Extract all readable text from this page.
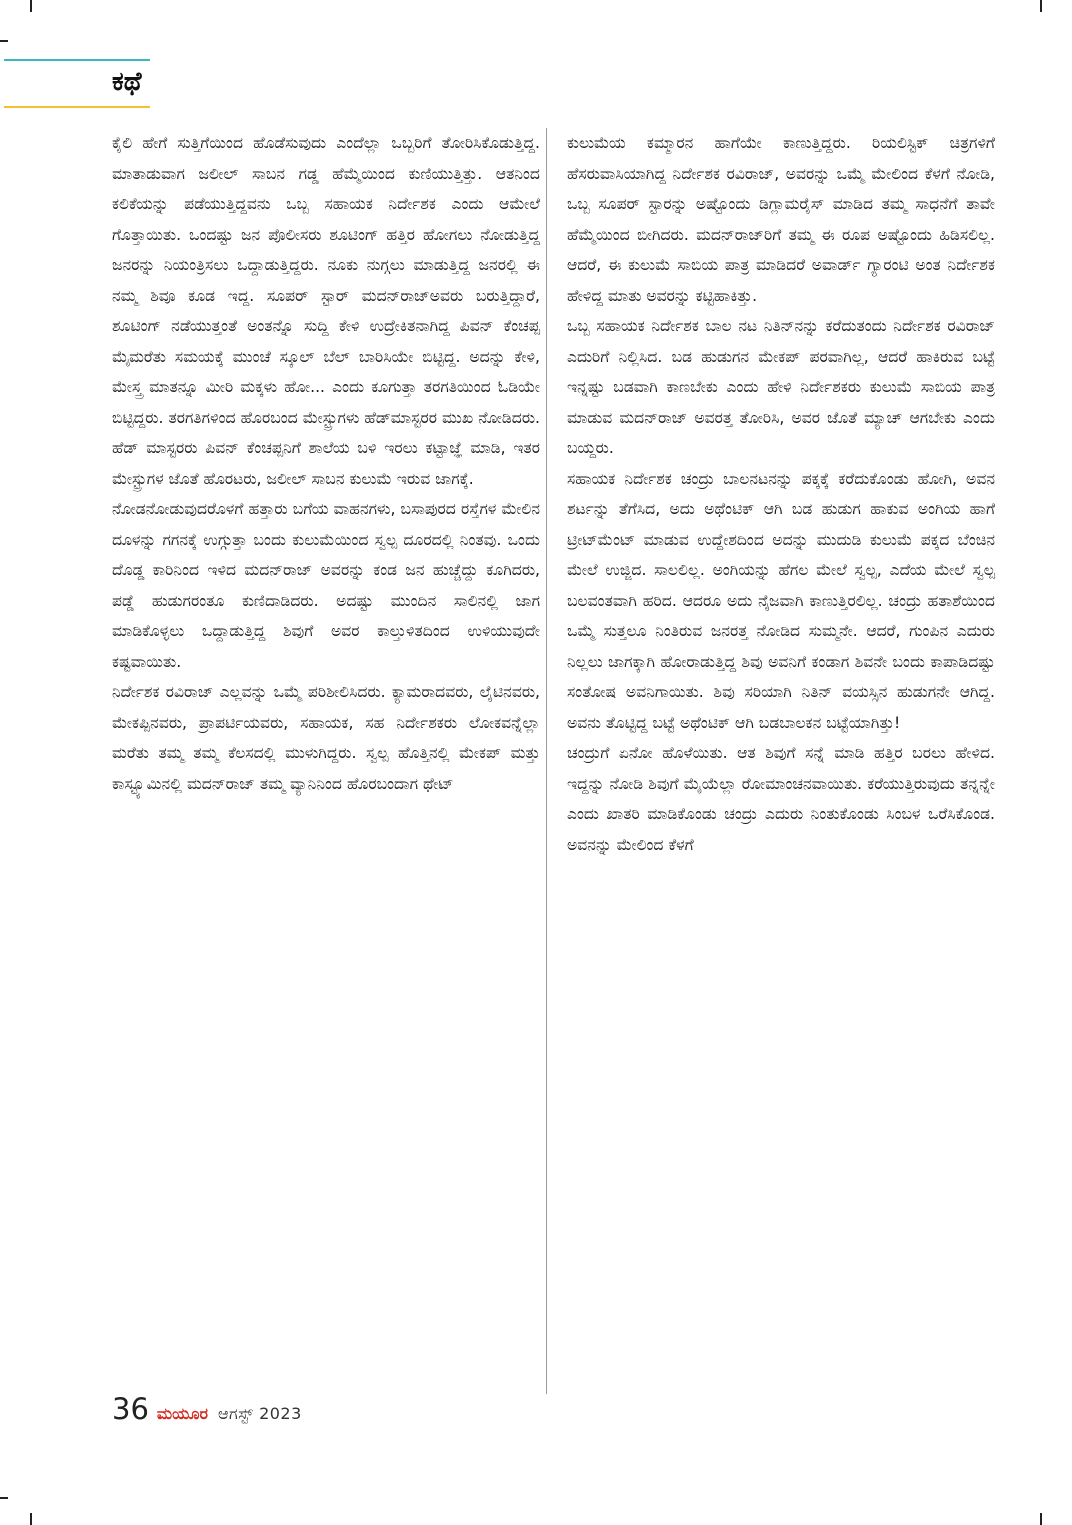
ಕಥೆ
ಕೈಲಿ ಹೇಗೆ ಸುತ್ತಿಗೆಯಿಂದ ಹೊಡೆಸುವುದು ಎಂದೆಲ್ಲಾ ಒಬ್ಬರಿಗೆ ತೋರಿಸಿಕೊಡುತ್ತಿದ್ದ. ಮಾತಾಡುವಾಗ ಜಲೀಲ್ ಸಾಬನ ಗಡ್ಡ ಹೆಮ್ಮೆಯಿಂದ ಕುಣಿಯುತ್ತಿತ್ತು. ಆತನಿಂದ ಕಲಿಕೆಯನ್ನು ಪಡೆಯುತ್ತಿದ್ದವನು ಒಬ್ಬ ಸಹಾಯಕ ನಿರ್ದೇಶಕ ಎಂದು ಆಮೇಲೆ ಗೊತ್ತಾಯಿತು. ಒಂದಷ್ಟು ಜನ ಪೊಲೀಸರು ಶೂಟಿಂಗ್ ಹತ್ತಿರ ಹೋಗಲು ನೋಡುತ್ತಿದ್ದ ಜನರನ್ನು ನಿಯಂತ್ರಿಸಲು ಒದ್ದಾಡುತ್ತಿದ್ದರು. ನೂಕು ನುಗ್ಗಲು ಮಾಡುತ್ತಿದ್ದ ಜನರಲ್ಲಿ ಈ ನಮ್ಮ ಶಿವೂ ಕೂಡ ಇದ್ದ. ಸೂಪರ್ ಸ್ಟಾರ್ ಮದನ್‌ರಾಜ್‌ಅವರು ಬರುತ್ತಿದ್ದಾರೆ, ಶೂಟಿಂಗ್ ನಡೆಯುತ್ತಂತೆ ಅಂತನ್ನೊ ಸುದ್ದಿ ಕೇಳಿ ಉದ್ರೇಕಿತನಾಗಿದ್ದ ಪಿವನ್ ಕೆಂಚಪ್ಪ ಮೈಮರೆತು ಸಮಯಕ್ಕೆ ಮುಂಚೆ ಸ್ಕೂಲ್ ಬೆಲ್ ಬಾರಿಸಿಯೇ ಬಿಟ್ಟಿದ್ದ. ಅದನ್ನು ಕೇಳಿ, ಮೇಸ್ತ್ರ ಮಾತನ್ನೂ ಮೀರಿ ಮಕ್ಕಳು ಹೋ... ಎಂದು ಕೂಗುತ್ತಾ ತರಗತಿಯಿಂದ ಓಡಿಯೇ ಬಿಟ್ಟಿದ್ದರು. ತರಗತಿಗಳಿಂದ ಹೊರಬಂದ ಮೇಸ್ಟ್ರುಗಳು ಹೆಡ್‌ಮಾಸ್ಟರರ ಮುಖ ನೋಡಿದರು. ಹೆಡ್ ಮಾಸ್ಟರರು ಪಿವನ್ ಕೆಂಚಪ್ಪನಿಗೆ ಶಾಲೆಯ ಬಳಿ ಇರಲು ಕಟ್ಟಾಜ್ಞೆ ಮಾಡಿ, ಇತರ ಮೇಸ್ಟ್ರುಗಳ ಜೊತೆ ಹೊರಟರು, ಜಲೀಲ್ ಸಾಬನ ಕುಲುಮೆ ಇರುವ ಜಾಗಕ್ಕೆ.
ನೋಡನೋಡುವುದರೊಳಗೆ ಹತ್ತಾರು ಬಗೆಯ ವಾಹನಗಳು, ಬಸಾಪುರದ ರಸ್ತೆಗಳ ಮೇಲಿನ ದೂಳನ್ನು ಗಗನಕ್ಕೆ ಉಗ್ಗುತ್ತಾ ಬಂದು ಕುಲುಮೆಯಿಂದ ಸ್ವಲ್ಪ ದೂರದಲ್ಲಿ ನಿಂತವು. ಒಂದು ದೊಡ್ಡ ಕಾರಿನಿಂದ ಇಳಿದ ಮದನ್‌ರಾಜ್ ಅವರನ್ನು ಕಂಡ ಜನ ಹುಚ್ಚೆದ್ದು ಕೂಗಿದರು, ಪಡ್ಡೆ ಹುಡುಗರಂತೂ ಕುಣಿದಾಡಿದರು. ಅದಷ್ಟು ಮುಂದಿನ ಸಾಲಿನಲ್ಲಿ ಜಾಗ ಮಾಡಿಕೊಳ್ಳಲು ಒದ್ದಾಡುತ್ತಿದ್ದ ಶಿವುಗೆ ಅವರ ಕಾಲ್ತುಳಿತದಿಂದ ಉಳಿಯುವುದೇ ಕಷ್ಟವಾಯಿತು.
ನಿರ್ದೇಶಕ ರವಿರಾಜ್ ಎಲ್ಲವನ್ನು ಒಮ್ಮೆ ಪರಿಶೀಲಿಸಿದರು. ಕ್ಯಾಮರಾದವರು, ಲೈಟಿನವರು, ಮೇಕಪ್ಪಿನವರು, ಪ್ರಾಪರ್ಟಿಯವರು, ಸಹಾಯಕ, ಸಹ ನಿರ್ದೇಶಕರು ಲೋಕವನ್ನೆಲ್ಲಾ ಮರೆತು ತಮ್ಮ ತಮ್ಮ ಕೆಲಸದಲ್ಲಿ ಮುಳುಗಿದ್ದರು. ಸ್ವಲ್ಪ ಹೊತ್ತಿನಲ್ಲಿ ಮೇಕಪ್ ಮತ್ತು ಕಾಸ್ಟ್ಯೂಮಿನಲ್ಲಿ ಮದನ್‌ರಾಜ್ ತಮ್ಮ ವ್ಯಾನಿನಿಂದ ಹೊರಬಂದಾಗ ಥೇಟ್
ಕುಲುಮೆಯ ಕಮ್ಮಾರನ ಹಾಗೆಯೇ ಕಾಣುತ್ತಿದ್ದರು. ರಿಯಲಿಸ್ಟಿಕ್ ಚಿತ್ರಗಳಿಗೆ ಹೆಸರುವಾಸಿಯಾಗಿದ್ದ ನಿರ್ದೇಶಕ ರವಿರಾಜ್, ಅವರನ್ನು ಒಮ್ಮೆ ಮೇಲಿಂದ ಕೆಳಗೆ ನೋಡಿ, ಒಬ್ಬ ಸೂಪರ್ ಸ್ಟಾರನ್ನು ಅಷ್ಟೊಂದು ಡಿಗ್ಲಾಮರೈಸ್ ಮಾಡಿದ ತಮ್ಮ ಸಾಧನೆಗೆ ತಾವೇ ಹೆಮ್ಮೆಯಿಂದ ಬೀಗಿದರು. ಮದನ್‌ರಾಜ್‌ರಿಗೆ ತಮ್ಮ ಈ ರೂಪ ಅಷ್ಟೊಂದು ಹಿಡಿಸಲಿಲ್ಲ. ಆದರೆ, ಈ ಕುಲುಮೆ ಸಾಬಿಯ ಪಾತ್ರ ಮಾಡಿದರೆ ಅವಾರ್ಡ್ ಗ್ಯಾರಂಟಿ ಅಂತ ನಿರ್ದೇಶಕ ಹೇಳಿದ್ದ ಮಾತು ಅವರನ್ನು ಕಟ್ಟಿಹಾಕಿತ್ತು.
ಒಬ್ಬ ಸಹಾಯಕ ನಿರ್ದೇಶಕ ಬಾಲ ನಟ ನಿತಿನ್‌ನನ್ನು ಕರೆದುತಂದು ನಿರ್ದೇಶಕ ರವಿರಾಜ್ ಎದುರಿಗೆ ನಿಲ್ಲಿಸಿದ. ಬಡ ಹುಡುಗನ ಮೇಕಪ್ ಪರವಾಗಿಲ್ಲ, ಆದರೆ ಹಾಕಿರುವ ಬಟ್ಟೆ ಇನ್ನಷ್ಟು ಬಡವಾಗಿ ಕಾಣಬೇಕು ಎಂದು ಹೇಳಿ ನಿರ್ದೇಶಕರು ಕುಲುಮೆ ಸಾಬಿಯ ಪಾತ್ರ ಮಾಡುವ ಮದನ್‌ರಾಜ್ ಅವರತ್ತ ತೋರಿಸಿ, ಅವರ ಜೊತೆ ಮ್ಯಾಚ್ ಆಗಬೇಕು ಎಂದು ಬಯ್ದರು.
ಸಹಾಯಕ ನಿರ್ದೇಶಕ ಚಂದ್ರು ಬಾಲನಟನನ್ನು ಪಕ್ಕಕ್ಕೆ ಕರೆದುಕೊಂಡು ಹೋಗಿ, ಅವನ ಶರ್ಟನ್ನು ತೆಗೆಸಿದ, ಅದು ಅಥೆಂಟಿಕ್ ಆಗಿ ಬಡ ಹುಡುಗ ಹಾಕುವ ಅಂಗಿಯ ಹಾಗೆ ಟ್ರೀಟ್‌ಮೆಂಟ್ ಮಾಡುವ ಉದ್ದೇಶದಿಂದ ಅದನ್ನು ಮುದುಡಿ ಕುಲುಮೆ ಪಕ್ಕದ ಬೆಂಚಿನ ಮೇಲೆ ಉಜ್ಜಿದ. ಸಾಲಲಿಲ್ಲ. ಅಂಗಿಯನ್ನು ಹೆಗಲ ಮೇಲೆ ಸ್ವಲ್ಪ, ಎದೆಯ ಮೇಲೆ ಸ್ವಲ್ಪ ಬಲವಂತವಾಗಿ ಹರಿದ. ಆದರೂ ಅದು ನೈಜವಾಗಿ ಕಾಣುತ್ತಿರಲಿಲ್ಲ. ಚಂದ್ರು ಹತಾಶೆಯಿಂದ ಒಮ್ಮೆ ಸುತ್ತಲೂ ನಿಂತಿರುವ ಜನರತ್ತ ನೋಡಿದ ಸುಮ್ಮನೇ. ಆದರೆ, ಗುಂಪಿನ ಎದುರು ನಿಲ್ಲಲು ಜಾಗಕ್ಕಾಗಿ ಹೋರಾಡುತ್ತಿದ್ದ ಶಿವು ಅವನಿಗೆ ಕಂಡಾಗ ಶಿವನೇ ಬಂದು ಕಾಪಾಡಿದಷ್ಟು ಸಂತೋಷ ಅವನಿಗಾಯಿತು. ಶಿವು ಸರಿಯಾಗಿ ನಿತಿನ್ ವಯಸ್ಸಿನ ಹುಡುಗನೇ ಆಗಿದ್ದ. ಅವನು ತೊಟ್ಟಿದ್ದ ಬಟ್ಟೆ ಅಥೆಂಟಿಕ್ ಆಗಿ ಬಡಬಾಲಕನ ಬಟ್ಟೆಯಾಗಿತ್ತು!
ಚಂದ್ರುಗೆ ಏನೋ ಹೊಳೆಯಿತು. ಆತ ಶಿವುಗೆ ಸನ್ನೆ ಮಾಡಿ ಹತ್ತಿರ ಬರಲು ಹೇಳಿದ. ಇದ್ದನ್ನು ನೋಡಿ ಶಿವುಗೆ ಮೈಯೆಲ್ಲಾ ರೋಮಾಂಚನವಾಯಿತು. ಕರೆಯುತ್ತಿರುವುದು ತನ್ನನ್ನೇ ಎಂದು ಖಾತರಿ ಮಾಡಿಕೊಂಡು ಚಂದ್ರು ಎದುರು ನಿಂತುಕೊಂಡು ಸಿಂಬಳ ಒರೆಸಿಕೊಂಡ. ಅವನನ್ನು ಮೇಲಿಂದ ಕೆಳಗೆ
36 ಮಯೂರ ಆಗಸ್ಟ್ 2023
